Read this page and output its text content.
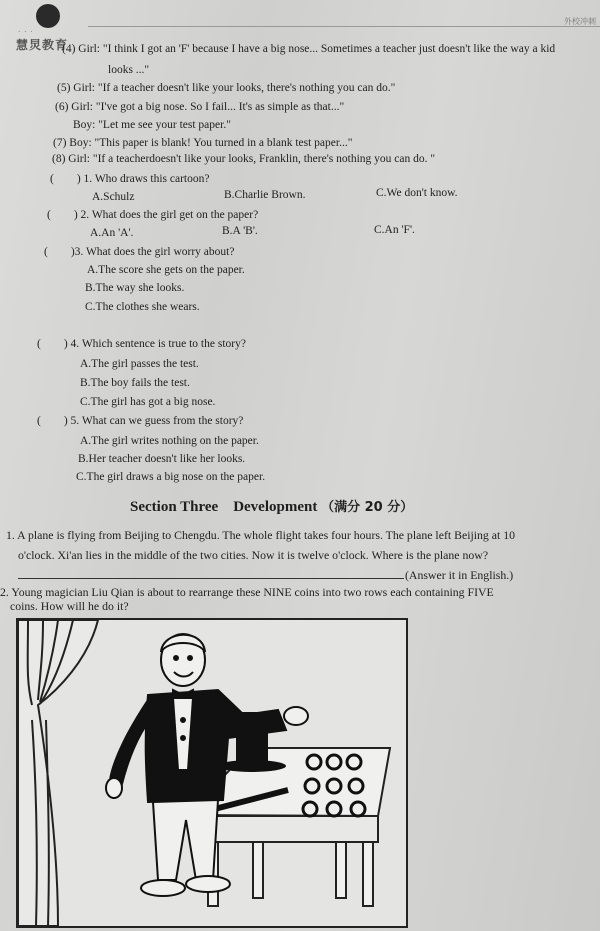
· · ·
慧炅教育
外校冲刺
(4) Girl: "I think I got an 'F' because I have a big nose... Sometimes a teacher just doesn't like the way a kid
looks ..."
(5) Girl: "If a teacher doesn't like your looks, there's nothing you can do."
(6) Girl: "I've got a big nose. So I fail... It's as simple as that..."
Boy: "Let me see your test paper."
(7) Boy: "This paper is blank! You turned in a blank test paper..."
(8) Girl: "If a teacherdoesn't like your looks, Franklin, there's nothing you can do. "
(　　) 1. Who draws this cartoon?
A.Schulz	B.Charlie Brown.	C.We don't know.
(　　) 2. What does the girl get on the paper?
A.An 'A'.	B.A 'B'.	C.An 'F'.
(　　)3. What does the girl worry about?
A.The score she gets on the paper.
B.The way she looks.
C.The clothes she wears.
(　　) 4. Which sentence is true to the story?
A.The girl passes the test.
B.The boy fails the test.
C.The girl has got a big nose.
(　　) 5. What can we guess from the story?
A.The girl writes nothing on the paper.
B.Her teacher doesn't like her looks.
C.The girl draws a big nose on the paper.
Section Three　Development （满分 20 分）
1. A plane is flying from Beijing to Chengdu. The whole flight takes four hours. The plane left Beijing at 10
o'clock. Xi'an lies in the middle of the two cities. Now it is twelve o'clock. Where is the plane now?
(Answer it in English.)
2. Young magician Liu Qian is about to rearrange these NINE coins into two rows each containing FIVE
coins. How will he do it?
